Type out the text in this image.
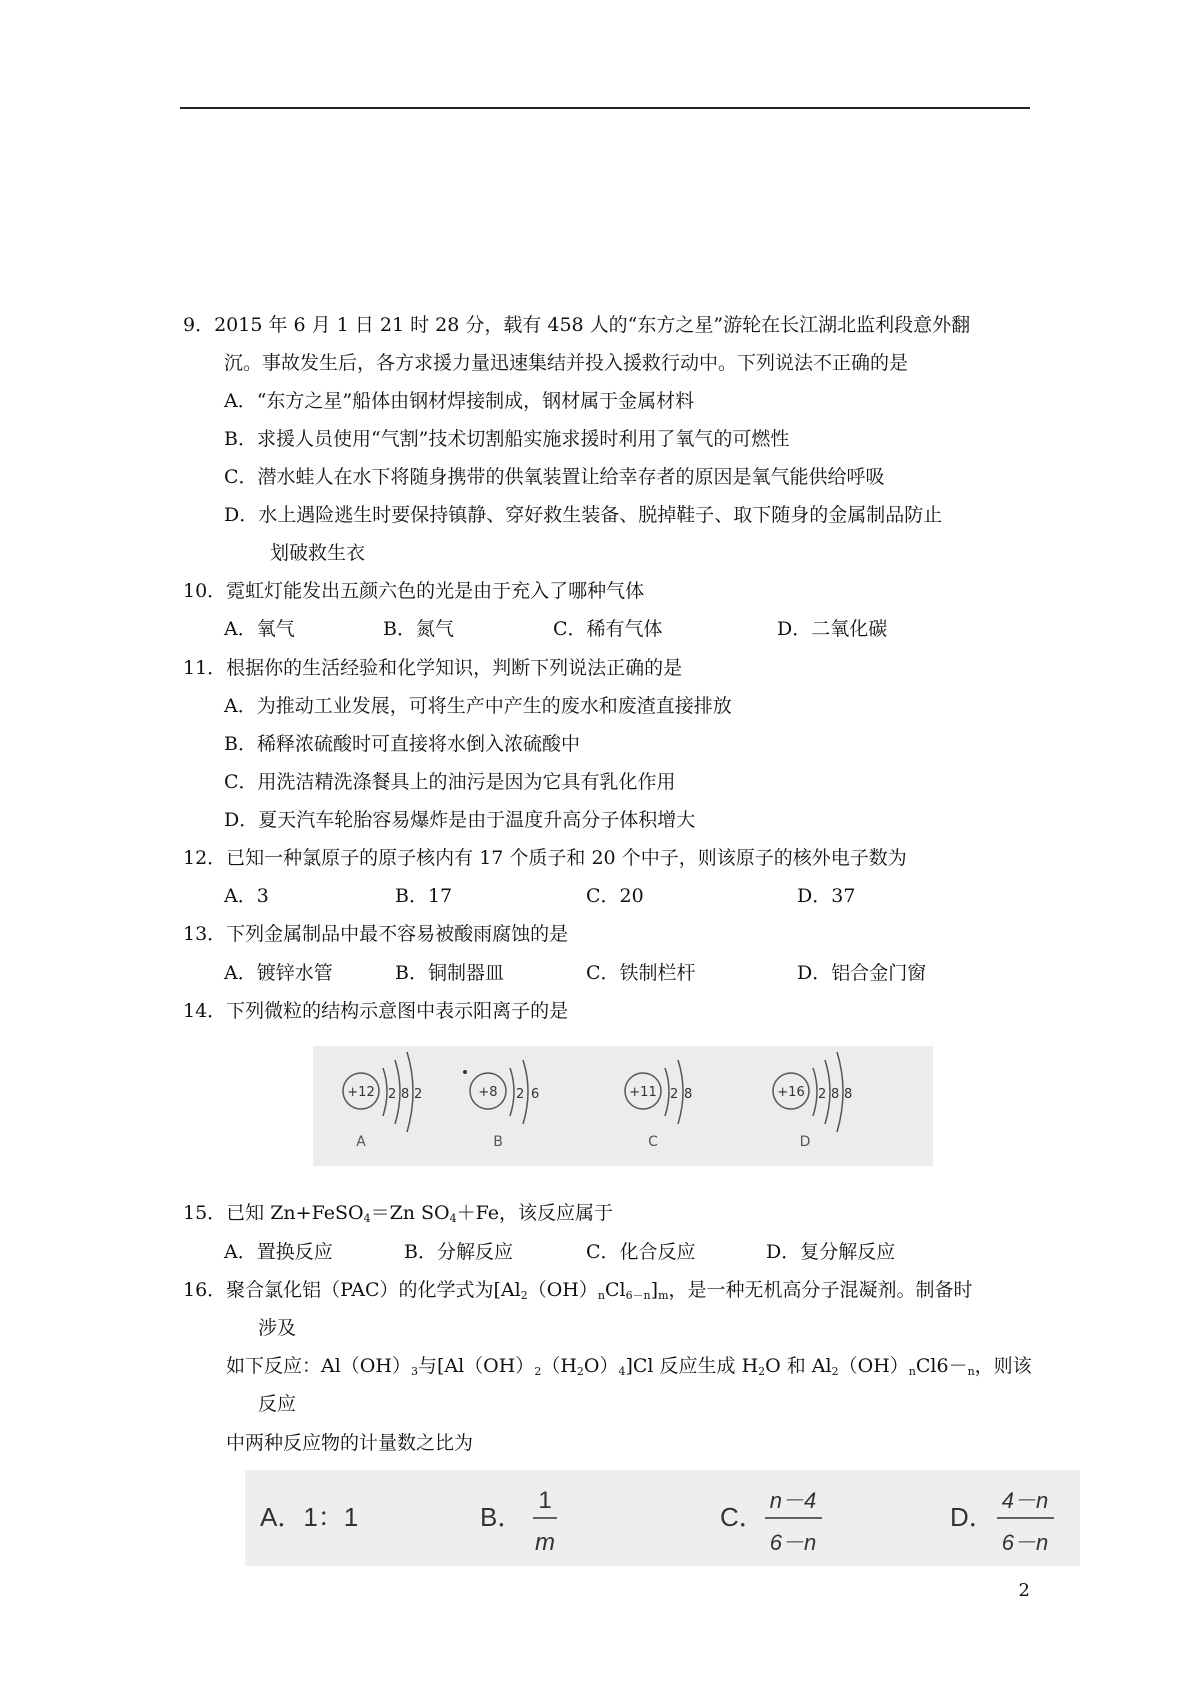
9．2015 年 6 月 1 日 21 时 28 分，载有 458 人的“东方之星”游轮在长江湖北监利段意外翻
沉。事故发生后，各方求援力量迅速集结并投入援救行动中。下列说法不正确的是
A．“东方之星”船体由钢材焊接制成，钢材属于金属材料
B．求援人员使用“气割”技术切割船实施求援时利用了氧气的可燃性
C．潜水蛙人在水下将随身携带的供氧装置让给幸存者的原因是氧气能供给呼吸
D．水上遇险逃生时要保持镇静、穿好救生装备、脱掉鞋子、取下随身的金属制品防止
划破救生衣
10．霓虹灯能发出五颜六色的光是由于充入了哪种气体
A．氧气	B．氮气	C．稀有气体	D．二氧化碳
11．根据你的生活经验和化学知识，判断下列说法正确的是
A．为推动工业发展，可将生产中产生的废水和废渣直接排放
B．稀释浓硫酸时可直接将水倒入浓硫酸中
C．用洗洁精洗涤餐具上的油污是因为它具有乳化作用
D．夏天汽车轮胎容易爆炸是由于温度升高分子体积增大
12．已知一种氯原子的原子核内有 17 个质子和 20 个中子，则该原子的核外电子数为
A．3	B．17	C．20	D．37
13．下列金属制品中最不容易被酸雨腐蚀的是
A．镀锌水管	B．铜制器皿	C．铁制栏杆	D．铝合金门窗
14．下列微粒的结构示意图中表示阳离子的是
+12	+8	+11	+16
2 8 2	2 6	2 8	2 8 8
A	B	C	D
15．已知 Zn+FeSO$_4$＝Zn $SO_4+Fe$，该反应属于
A．置换反应	B．分解反应	C．化合反应	D．复分解反应
16．聚合氯化铝（PAC）的化学式为$[Al_2(OH)_nCl_{6-n}]_m$，是一种无机高分子混凝剂。制备时
涉及
如下反应：$Al(OH)_3$与$[Al(OH)_2(H_2O)_4]Cl$ 反应生成 $H_2O$ 和 $Al_2(OH)_nCl6-_n$，则该
反应
中两种反应物的计量数之比为
A．1：1	B．
1
m
C．
n－4
6－n
D．
4－n
6－n
2
